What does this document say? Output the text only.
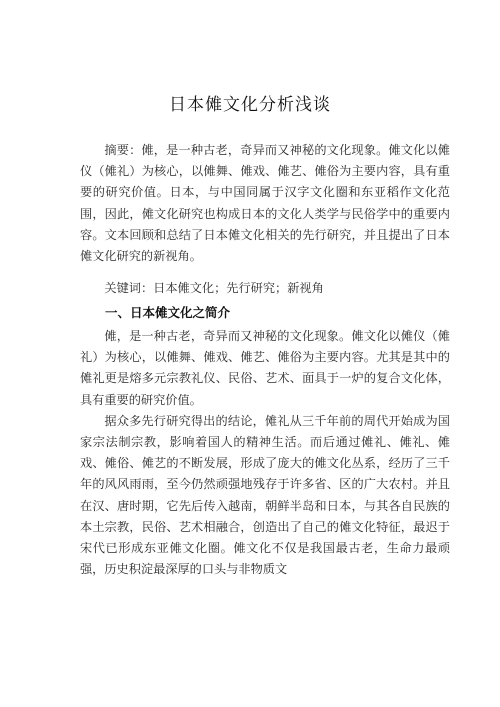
日本傩文化分析浅谈

摘要：傩，是一种古老，奇异而又神秘的文化现象。傩文化以傩仪（傩礼）为核心，以傩舞、傩戏、傩艺、傩俗为主要内容，具有重要的研究价值。日本，与中国同属于汉字文化圈和东亚稻作文化范围，因此，傩文化研究也构成日本的文化人类学与民俗学中的重要内容。文本回顾和总结了日本傩文化相关的先行研究，并且提出了日本傩文化研究的新视角。

关键词：日本傩文化；先行研究；新视角
一、日本傩文化之简介

傩，是一种古老，奇异而又神秘的文化现象。傩文化以傩仪（傩礼）为核心，以傩舞、傩戏、傩艺、傩俗为主要内容。尤其是其中的傩礼更是熔多元宗教礼仪、民俗、艺术、面具于一炉的复合文化体，具有重要的研究价值。

据众多先行研究得出的结论，傩礼从三千年前的周代开始成为国家宗法制宗教，影响着国人的精神生活。而后通过傩礼、傩礼、傩戏、傩俗、傩艺的不断发展，形成了庞大的傩文化丛系，经历了三千年的风风雨雨，至今仍然顽强地残存于许多省、区的广大农村。并且在汉、唐时期，它先后传入越南，朝鲜半岛和日本，与其各自民族的本土宗教，民俗、艺术相融合，创造出了自己的傩文化特征，最迟于宋代已形成东亚傩文化圈。傩文化不仅是我国最古老，生命力最顽强，历史积淀最深厚的口头与非物质文
